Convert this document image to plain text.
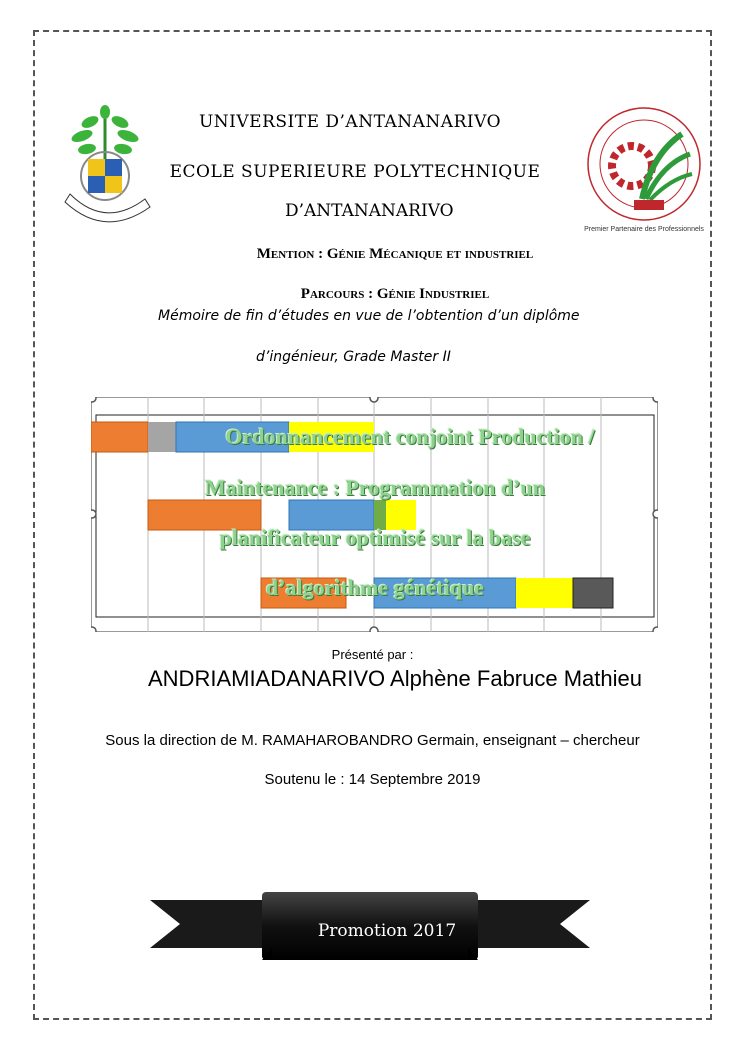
Premier Partenaire des Professionnels
UNIVERSITE D’ANTANANARIVO
ECOLE SUPERIEURE POLYTECHNIQUE
D’ANTANANARIVO
Mention : Génie Mécanique et industriel
Parcours : Génie Industriel
Mémoire de fin d’études en vue de l’obtention d’un diplôme
d’ingénieur, Grade Master II
Ordonnancement conjoint Production /
Maintenance : Programmation d’un
planificateur optimisé sur la base
d’algorithme génétique
Présenté par :
ANDRIAMIADANARIVO Alphène Fabruce Mathieu
Sous la direction de M. RAMAHAROBANDRO Germain, enseignant – chercheur
Soutenu le : 14 Septembre 2019
Promotion 2017
